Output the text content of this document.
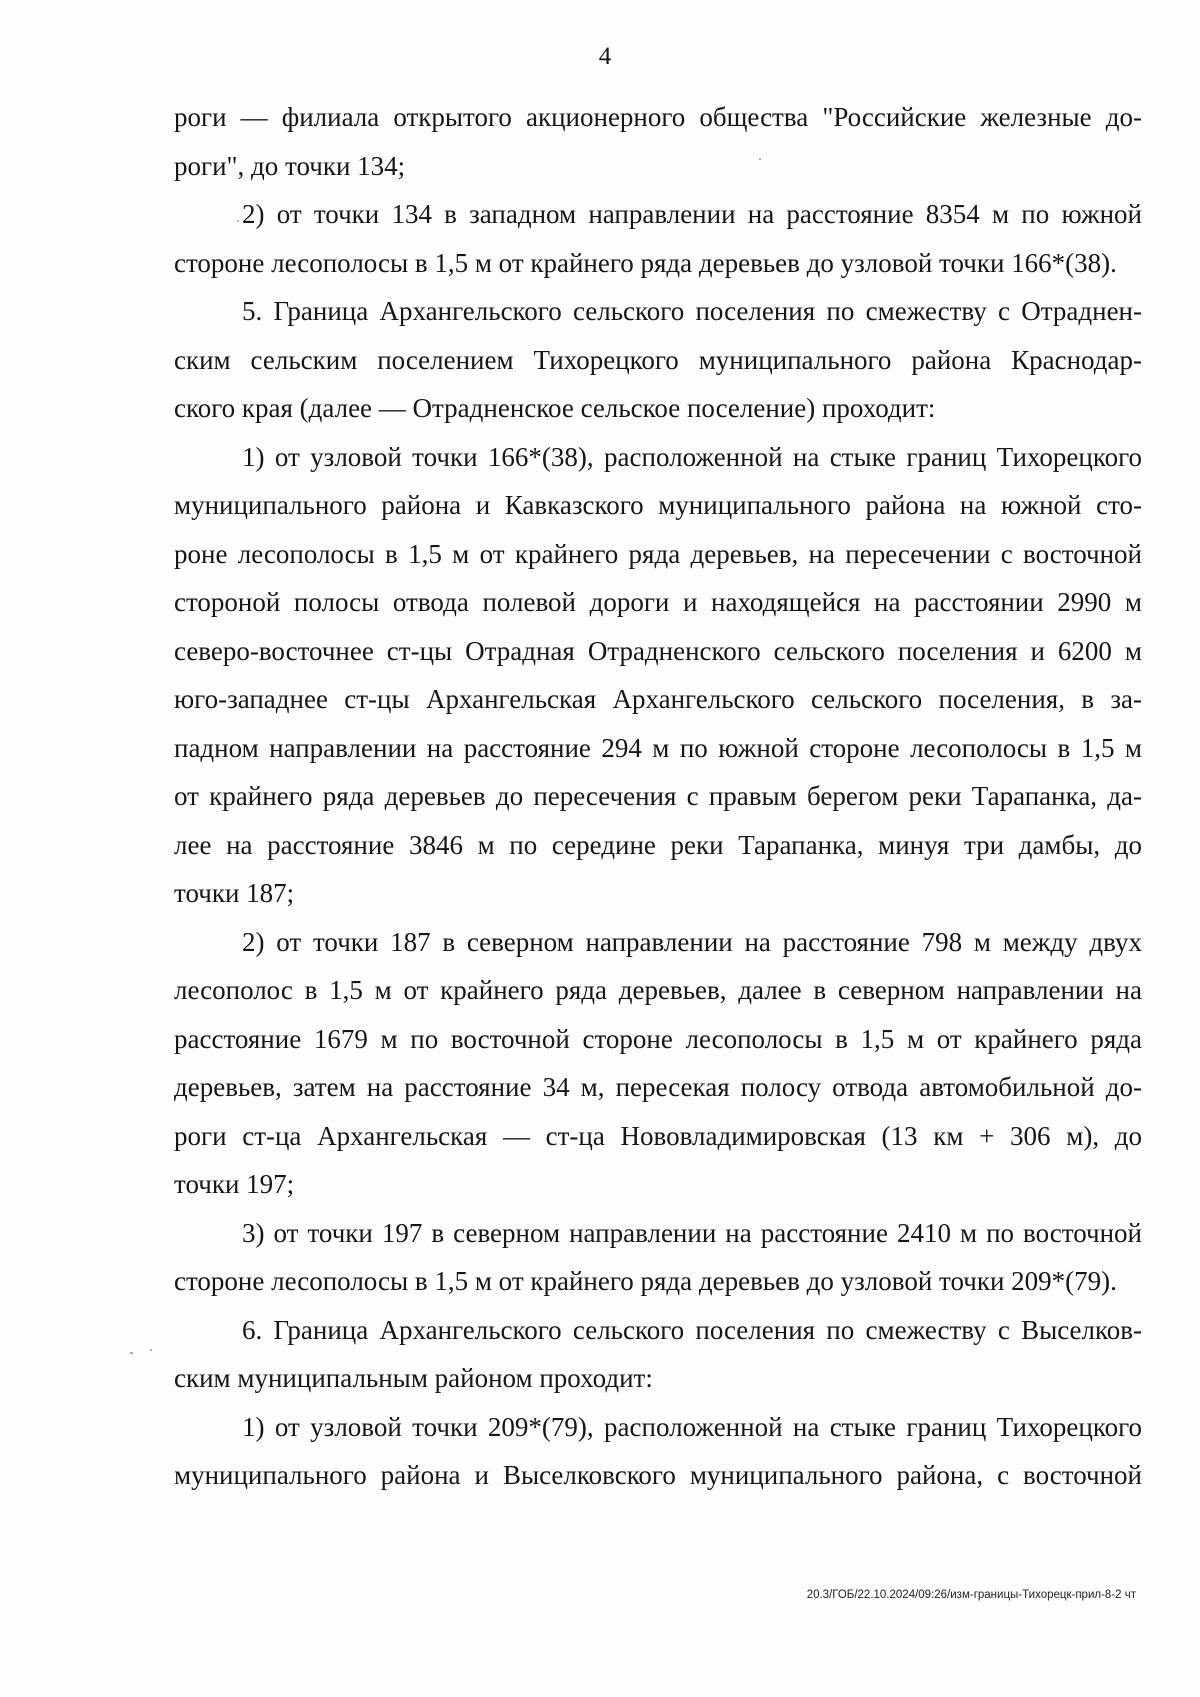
4
роги — филиала открытого акционерного общества "Российские железные до-
роги", до точки 134;
2) от точки 134 в западном направлении на расстояние 8354 м по южной
стороне лесополосы в 1,5 м от крайнего ряда деревьев до узловой точки 166*(38).
5. Граница Архангельского сельского поселения по смежеству с Отраднен-
ским сельским поселением Тихорецкого муниципального района Краснодар-
ского края (далее — Отрадненское сельское поселение) проходит:
1) от узловой точки 166*(38), расположенной на стыке границ Тихорецкого
муниципального района и Кавказского муниципального района на южной сто-
роне лесополосы в 1,5 м от крайнего ряда деревьев, на пересечении с восточной
стороной полосы отвода полевой дороги и находящейся на расстоянии 2990 м
северо-восточнее ст-цы Отрадная Отрадненского сельского поселения и 6200 м
юго-западнее ст-цы Архангельская Архангельского сельского поселения, в за-
падном направлении на расстояние 294 м по южной стороне лесополосы в 1,5 м
от крайнего ряда деревьев до пересечения с правым берегом реки Тарапанка, да-
лее на расстояние 3846 м по середине реки Тарапанка, минуя три дамбы, до
точки 187;
2) от точки 187 в северном направлении на расстояние 798 м между двух
лесополос в 1,5 м от крайнего ряда деревьев, далее в северном направлении на
расстояние 1679 м по восточной стороне лесополосы в 1,5 м от крайнего ряда
деревьев, затем на расстояние 34 м, пересекая полосу отвода автомобильной до-
роги ст-ца Архангельская — ст-ца Нововладимировская (13 км + 306 м), до
точки 197;
3) от точки 197 в северном направлении на расстояние 2410 м по восточной
стороне лесополосы в 1,5 м от крайнего ряда деревьев до узловой точки 209*(79).
6. Граница Архангельского сельского поселения по смежеству с Выселков-
ским муниципальным районом проходит:
1) от узловой точки 209*(79), расположенной на стыке границ Тихорецкого
муниципального района и Выселковского муниципального района, с восточной
20.3/ГОБ/22.10.2024/09:26/изм-границы-Тихорецк-прил-8-2 чт
